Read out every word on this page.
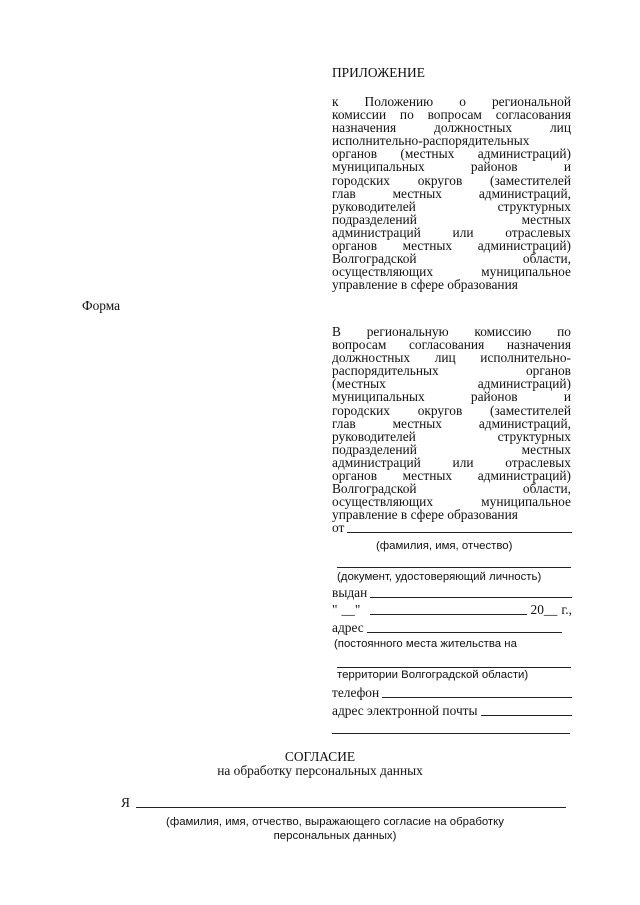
ПРИЛОЖЕНИЕ
к Положению о региональной
комиссии по вопросам согласования
назначения должностных лиц
исполнительно-распорядительных
органов (местных администраций)
муниципальных районов и
городских округов (заместителей
глав местных администраций,
руководителей структурных
подразделений местных
администраций или отраслевых
органов местных администраций)
Волгоградской области,
осуществляющих муниципальное
управление в сфере образования
Форма
В региональную комиссию по
вопросам согласования назначения
должностных лиц исполнительно-
распорядительных органов
(местных администраций)
муниципальных районов и
городских округов (заместителей
глав местных администраций,
руководителей структурных
подразделений местных
администраций или отраслевых
органов местных администраций)
Волгоградской области,
осуществляющих муниципальное
управление в сфере образования
от
(фамилия, имя, отчество)
(документ, удостоверяющий личность)
выдан
" __ "	20 __ г.,
адрес
(постоянного места жительства на
территории Волгоградской области)
телефон
адрес электронной почты
СОГЛАСИЕ
на обработку персональных данных
Я
(фамилия, имя, отчество, выражающего согласие на обработку
персональных данных)
